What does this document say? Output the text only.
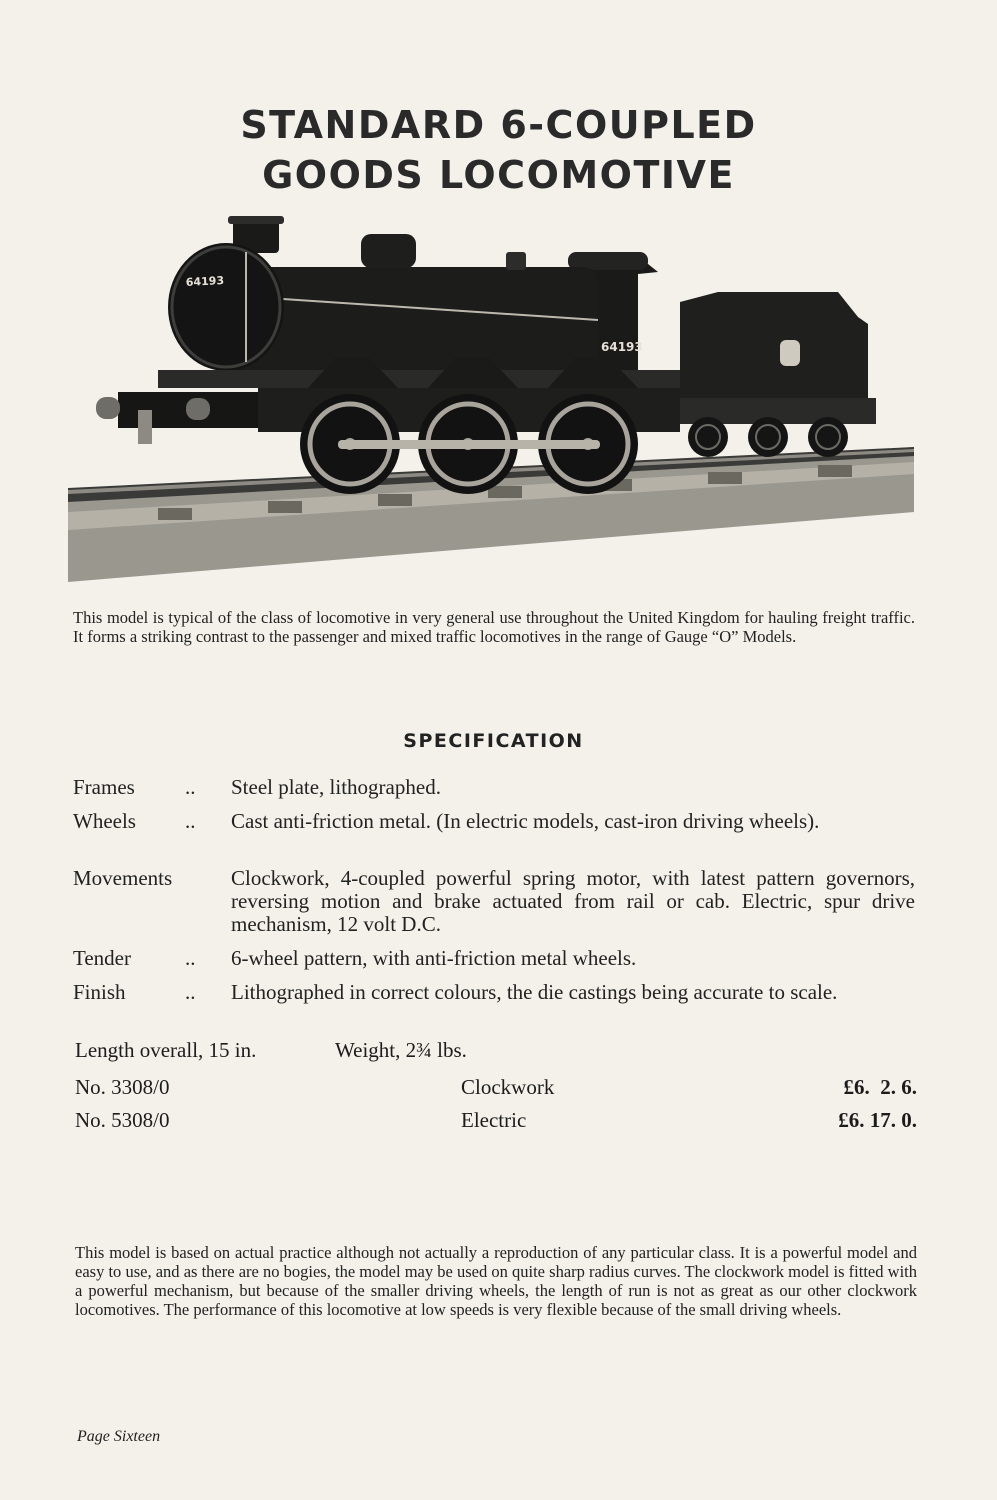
STANDARD 6-COUPLED
GOODS LOCOMOTIVE
64193
64193
This model is typical of the class of locomotive in very general use throughout the United Kingdom for hauling freight traffic. It forms a striking contrast to the passenger and mixed traffic locomotives in the range of Gauge “O” Models.
SPECIFICATION
Frames .. Steel plate, lithographed.
Wheels .. Cast anti-friction metal. (In electric models, cast-iron driving wheels).
Movements	Clockwork, 4-coupled powerful spring motor, with latest pattern governors, reversing motion and brake actuated from rail or cab. Electric, spur drive mechanism, 12 volt D.C.
Tender	.. 6-wheel pattern, with anti-friction metal wheels.
Finish	.. Lithographed in correct colours, the die castings being accurate to scale.
Length overall, 15 in.	Weight, 2¾ lbs.
No. 3308/0	Clockwork	£6.  2. 6.
No. 5308/0	Electric	£6. 17. 0.
This model is based on actual practice although not actually a reproduction of any particular class. It is a powerful model and easy to use, and as there are no bogies, the model may be used on quite sharp radius curves. The clockwork model is fitted with a powerful mechanism, but because of the smaller driving wheels, the length of run is not as great as our other clockwork locomotives. The performance of this locomotive at low speeds is very flexible because of the small driving wheels.
Page Sixteen
